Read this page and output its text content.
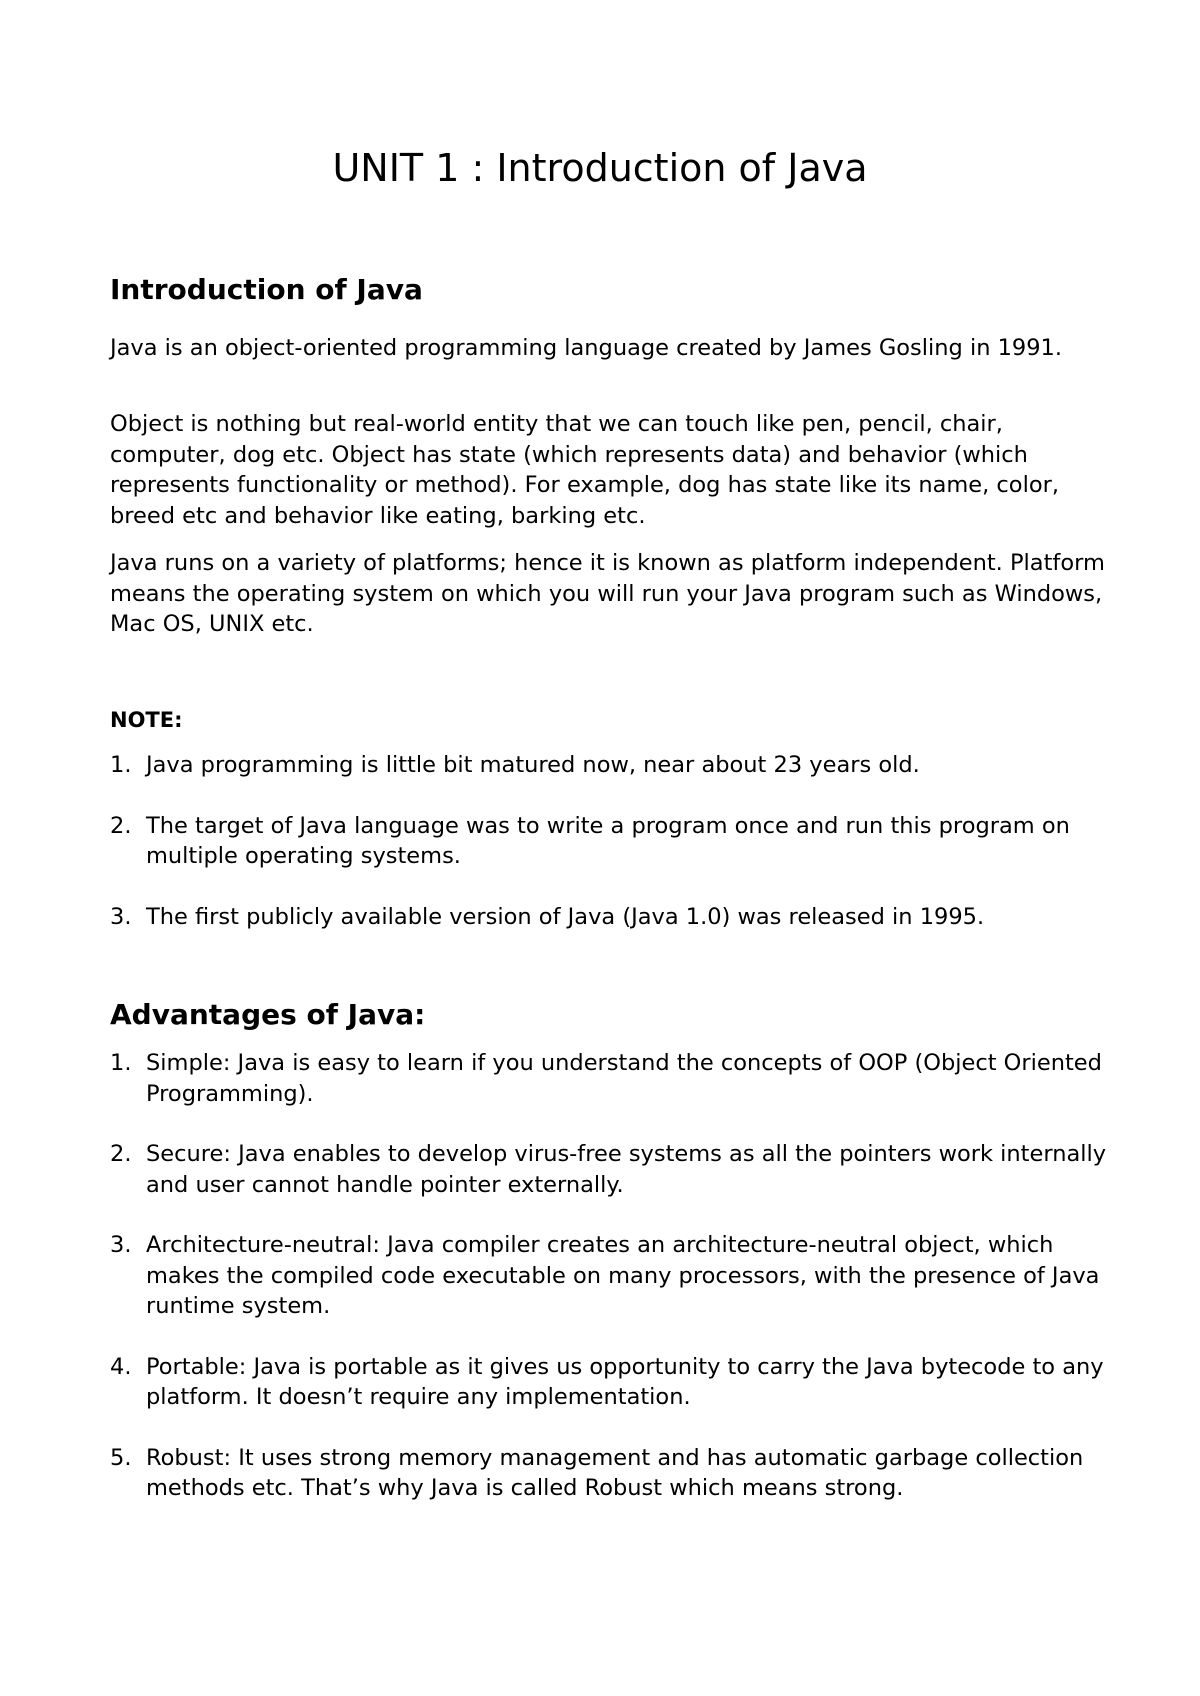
UNIT 1 : Introduction of Java
Introduction of Java

Java is an object-oriented programming language created by James Gosling in 1991.

Object is nothing but real-world entity that we can touch like pen, pencil, chair, computer, dog etc. Object has state (which represents data) and behavior (which represents functionality or method). For example, dog has state like its name, color, breed etc and behavior like eating, barking etc.

Java runs on a variety of platforms; hence it is known as platform independent. Platform means the operating system on which you will run your Java program such as Windows, Mac OS, UNIX etc.

NOTE:
1. Java programming is little bit matured now, near about 23 years old.
2. The target of Java language was to write a program once and run this program on multiple operating systems.
3. The first publicly available version of Java (Java 1.0) was released in 1995.
Advantages of Java:
1. Simple: Java is easy to learn if you understand the concepts of OOP (Object Oriented Programming).
2. Secure: Java enables to develop virus-free systems as all the pointers work internally and user cannot handle pointer externally.
3. Architecture-neutral: Java compiler creates an architecture-neutral object, which makes the compiled code executable on many processors, with the presence of Java runtime system.
4. Portable: Java is portable as it gives us opportunity to carry the Java bytecode to any platform. It doesn’t require any implementation.
5. Robust: It uses strong memory management and has automatic garbage collection methods etc. That’s why Java is called Robust which means strong.
